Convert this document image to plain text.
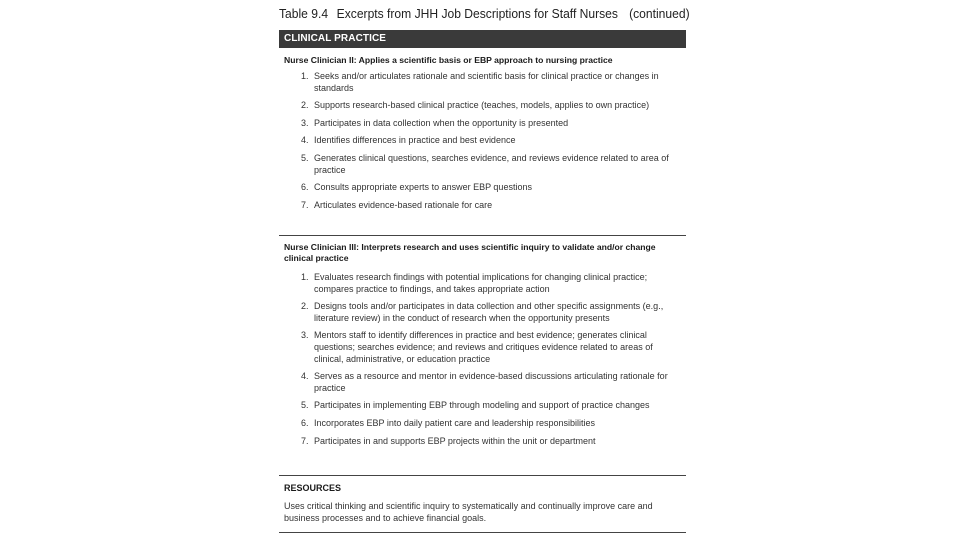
Table 9.4 Excerpts from JHH Job Descriptions for Staff Nurses (continued)
CLINICAL PRACTICE
Nurse Clinician II: Applies a scientific basis or EBP approach to nursing practice
1. Seeks and/or articulates rationale and scientific basis for clinical practice or changes in standards
2. Supports research-based clinical practice (teaches, models, applies to own practice)
3. Participates in data collection when the opportunity is presented
4. Identifies differences in practice and best evidence
5. Generates clinical questions, searches evidence, and reviews evidence related to area of practice
6. Consults appropriate experts to answer EBP questions
7. Articulates evidence-based rationale for care
Nurse Clinician III: Interprets research and uses scientific inquiry to validate and/or change clinical practice
1. Evaluates research findings with potential implications for changing clinical practice; compares practice to findings, and takes appropriate action
2. Designs tools and/or participates in data collection and other specific assignments (e.g., literature review) in the conduct of research when the opportunity presents
3. Mentors staff to identify differences in practice and best evidence; generates clinical questions; searches evidence; and reviews and critiques evidence related to areas of clinical, administrative, or education practice
4. Serves as a resource and mentor in evidence-based discussions articulating rationale for practice
5. Participates in implementing EBP through modeling and support of practice changes
6. Incorporates EBP into daily patient care and leadership responsibilities
7. Participates in and supports EBP projects within the unit or department
RESOURCES
Uses critical thinking and scientific inquiry to systematically and continually improve care and business processes and to achieve financial goals.
